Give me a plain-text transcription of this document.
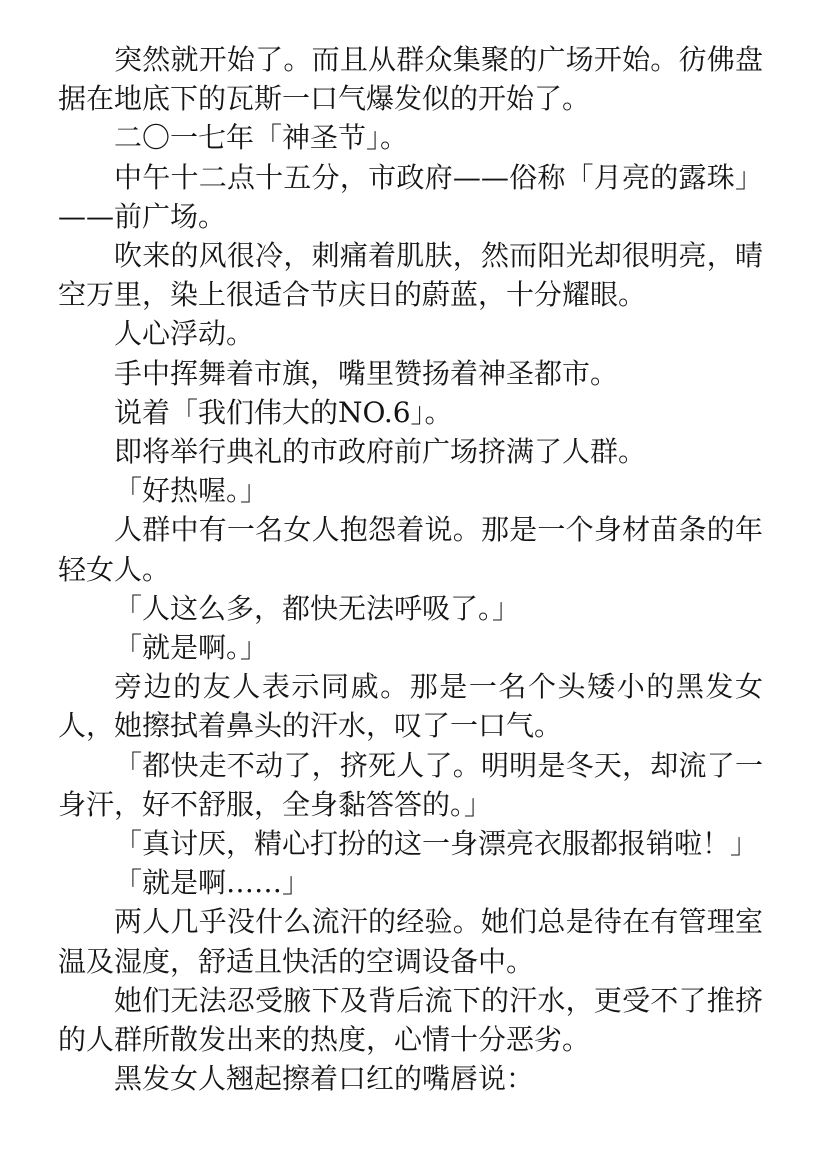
突然就开始了。而且从群众集聚的广场开始。彷佛盘据在地底下的瓦斯一口气爆发似的开始了。

二〇一七年「神圣节」。

中午十二点十五分，市政府——俗称「月亮的露珠」——前广场。

吹来的风很冷，刺痛着肌肤，然而阳光却很明亮，晴空万里，染上很适合节庆日的蔚蓝，十分耀眼。

人心浮动。

手中挥舞着市旗，嘴里赞扬着神圣都市。

说着「我们伟大的NO.6」。

即将举行典礼的市政府前广场挤满了人群。

「好热喔。」

人群中有一名女人抱怨着说。那是一个身材苗条的年轻女人。

「人这么多，都快无法呼吸了。」

「就是啊。」

旁边的友人表示同戚。那是一名个头矮小的黑发女人，她擦拭着鼻头的汗水，叹了一口气。

「都快走不动了，挤死人了。明明是冬天，却流了一身汗，好不舒服，全身黏答答的。」

「真讨厌，精心打扮的这一身漂亮衣服都报销啦！」

「就是啊……」

两人几乎没什么流汗的经验。她们总是待在有管理室温及湿度，舒适且快活的空调设备中。

她们无法忍受腋下及背后流下的汗水，更受不了推挤的人群所散发出来的热度，心情十分恶劣。

黑发女人翘起擦着口红的嘴唇说：
